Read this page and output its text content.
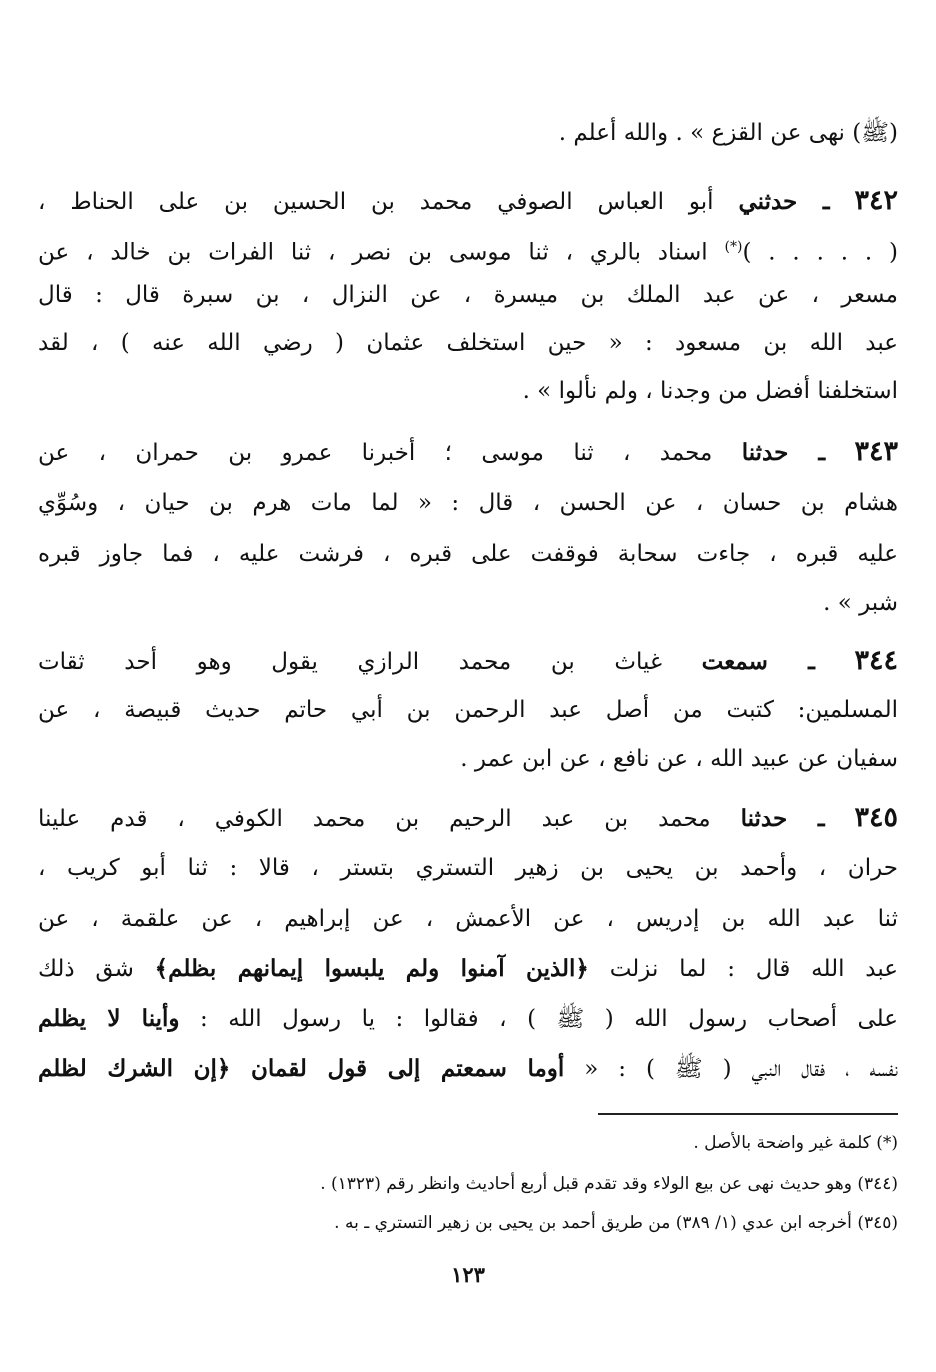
(ﷺ) نهى عن القزع » . والله أعلم .
٣٤٢ ـ حدثني أبو العباس الصوفي محمد بن الحسين بن على الحناط ،
( . . . . . )(*) اسناد بالري ، ثنا موسى بن نصر ، ثنا الفرات بن خالد ، عن
مسعر ، عن عبد الملك بن ميسرة ، عن النزال ، بن سبرة قال : قال
عبد الله بن مسعود : « حين استخلف عثمان ( رضي الله عنه ) ، لقد
استخلفنا أفضل من وجدنا ، ولم نألوا » .
٣٤٣ ـ حدثنا محمد ، ثنا موسى ؛ أخبرنا عمرو بن حمران ، عن
هشام بن حسان ، عن الحسن ، قال : « لما مات هرم بن حيان ، وسُوِّي
عليه قبره ، جاءت سحابة فوقفت على قبره ، فرشت عليه ، فما جاوز قبره
شبر » .
٣٤٤ ـ سمعت غياث بن محمد الرازي يقول وهو أحد ثقات
المسلمين: كتبت من أصل عبد الرحمن بن أبي حاتم حديث قبيصة ، عن
سفيان عن عبيد الله ، عن نافع ، عن ابن عمر .
٣٤٥ ـ حدثنا محمد بن عبد الرحيم بن محمد الكوفي ، قدم علينا
حران ، وأحمد بن يحيى بن زهير التستري بتستر ، قالا : ثنا أبو كريب ،
ثنا عبد الله بن إدريس ، عن الأعمش ، عن إبراهيم ، عن علقمة ، عن
عبد الله قال : لما نزلت ﴿الذين آمنوا ولم يلبسوا إيمانهم بظلم﴾ شق ذلك
على أصحاب رسول الله ( ﷺ ) ، فقالوا : يا رسول الله : وأينا لا يظلم
نفسه ، فقال النبي ( ﷺ ) : « أوما سمعتم إلى قول لقمان ﴿إن الشرك لظلم
(*) كلمة غير واضحة بالأصل .
(٣٤٤) وهو حديث نهى عن بيع الولاء وقد تقدم قبل أربع أحاديث وانظر رقم (١٣٢٣) .
(٣٤٥) أخرجه ابن عدي (١/ ٣٨٩) من طريق أحمد بن يحيى بن زهير التستري ـ به .
١٢٣
